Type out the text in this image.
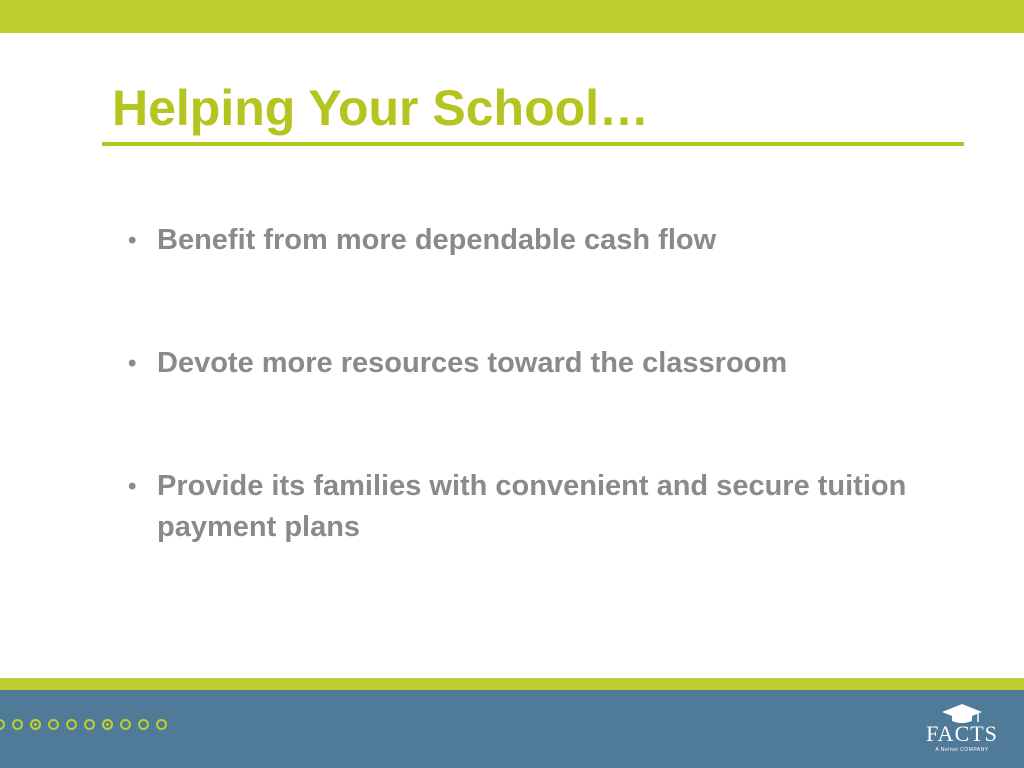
Helping Your School…
• Benefit from more dependable cash flow
• Devote more resources toward the classroom
• Provide its families with convenient and secure tuition payment plans
FACTS
A Nelnet COMPANY
